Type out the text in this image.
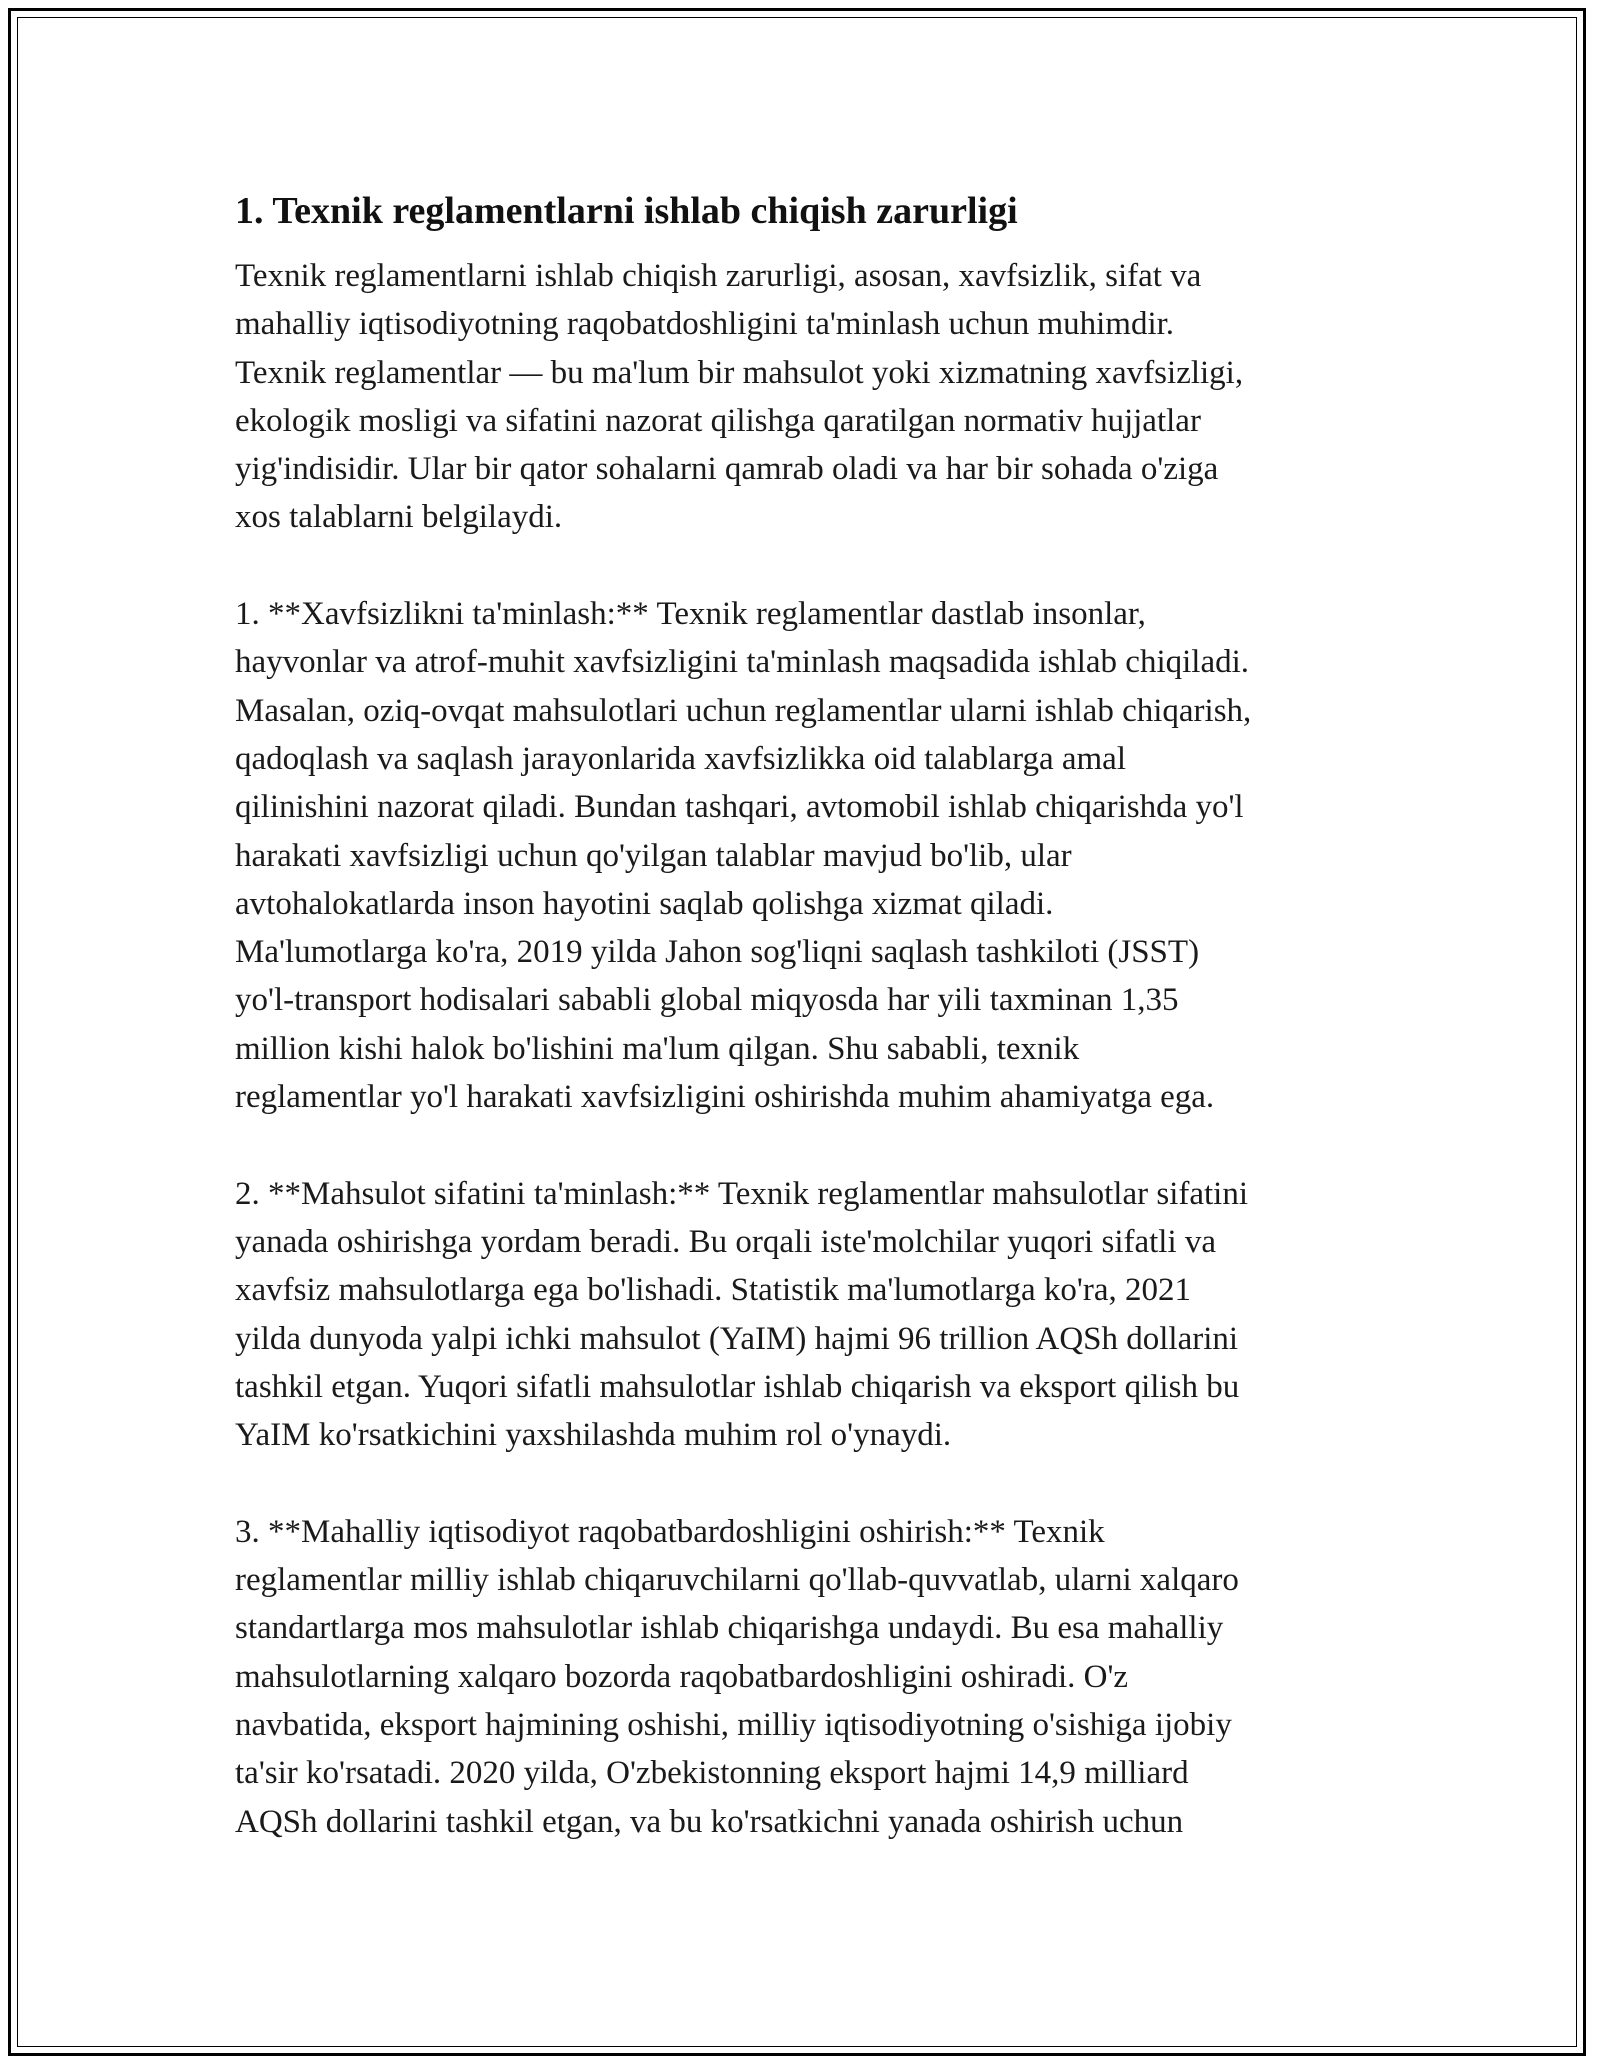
1. Texnik reglamentlarni ishlab chiqish zarurligi
Texnik reglamentlarni ishlab chiqish zarurligi, asosan, xavfsizlik, sifat va
mahalliy iqtisodiyotning raqobatdoshligini ta'minlash uchun muhimdir.
Texnik reglamentlar — bu ma'lum bir mahsulot yoki xizmatning xavfsizligi,
ekologik mosligi va sifatini nazorat qilishga qaratilgan normativ hujjatlar
yig'indisidir. Ular bir qator sohalarni qamrab oladi va har bir sohada o'ziga
xos talablarni belgilaydi.
1. **Xavfsizlikni ta'minlash:** Texnik reglamentlar dastlab insonlar,
hayvonlar va atrof-muhit xavfsizligini ta'minlash maqsadida ishlab chiqiladi.
Masalan, oziq-ovqat mahsulotlari uchun reglamentlar ularni ishlab chiqarish,
qadoqlash va saqlash jarayonlarida xavfsizlikka oid talablarga amal
qilinishini nazorat qiladi. Bundan tashqari, avtomobil ishlab chiqarishda yo'l
harakati xavfsizligi uchun qo'yilgan talablar mavjud bo'lib, ular
avtohalokatlarda inson hayotini saqlab qolishga xizmat qiladi.
Ma'lumotlarga ko'ra, 2019 yilda Jahon sog'liqni saqlash tashkiloti (JSST)
yo'l-transport hodisalari sababli global miqyosda har yili taxminan 1,35
million kishi halok bo'lishini ma'lum qilgan. Shu sababli, texnik
reglamentlar yo'l harakati xavfsizligini oshirishda muhim ahamiyatga ega.
2. **Mahsulot sifatini ta'minlash:** Texnik reglamentlar mahsulotlar sifatini
yanada oshirishga yordam beradi. Bu orqali iste'molchilar yuqori sifatli va
xavfsiz mahsulotlarga ega bo'lishadi. Statistik ma'lumotlarga ko'ra, 2021
yilda dunyoda yalpi ichki mahsulot (YaIM) hajmi 96 trillion AQSh dollarini
tashkil etgan. Yuqori sifatli mahsulotlar ishlab chiqarish va eksport qilish bu
YaIM ko'rsatkichini yaxshilashda muhim rol o'ynaydi.
3. **Mahalliy iqtisodiyot raqobatbardoshligini oshirish:** Texnik
reglamentlar milliy ishlab chiqaruvchilarni qo'llab-quvvatlab, ularni xalqaro
standartlarga mos mahsulotlar ishlab chiqarishga undaydi. Bu esa mahalliy
mahsulotlarning xalqaro bozorda raqobatbardoshligini oshiradi. O'z
navbatida, eksport hajmining oshishi, milliy iqtisodiyotning o'sishiga ijobiy
ta'sir ko'rsatadi. 2020 yilda, O'zbekistonning eksport hajmi 14,9 milliard
AQSh dollarini tashkil etgan, va bu ko'rsatkichni yanada oshirish uchun
